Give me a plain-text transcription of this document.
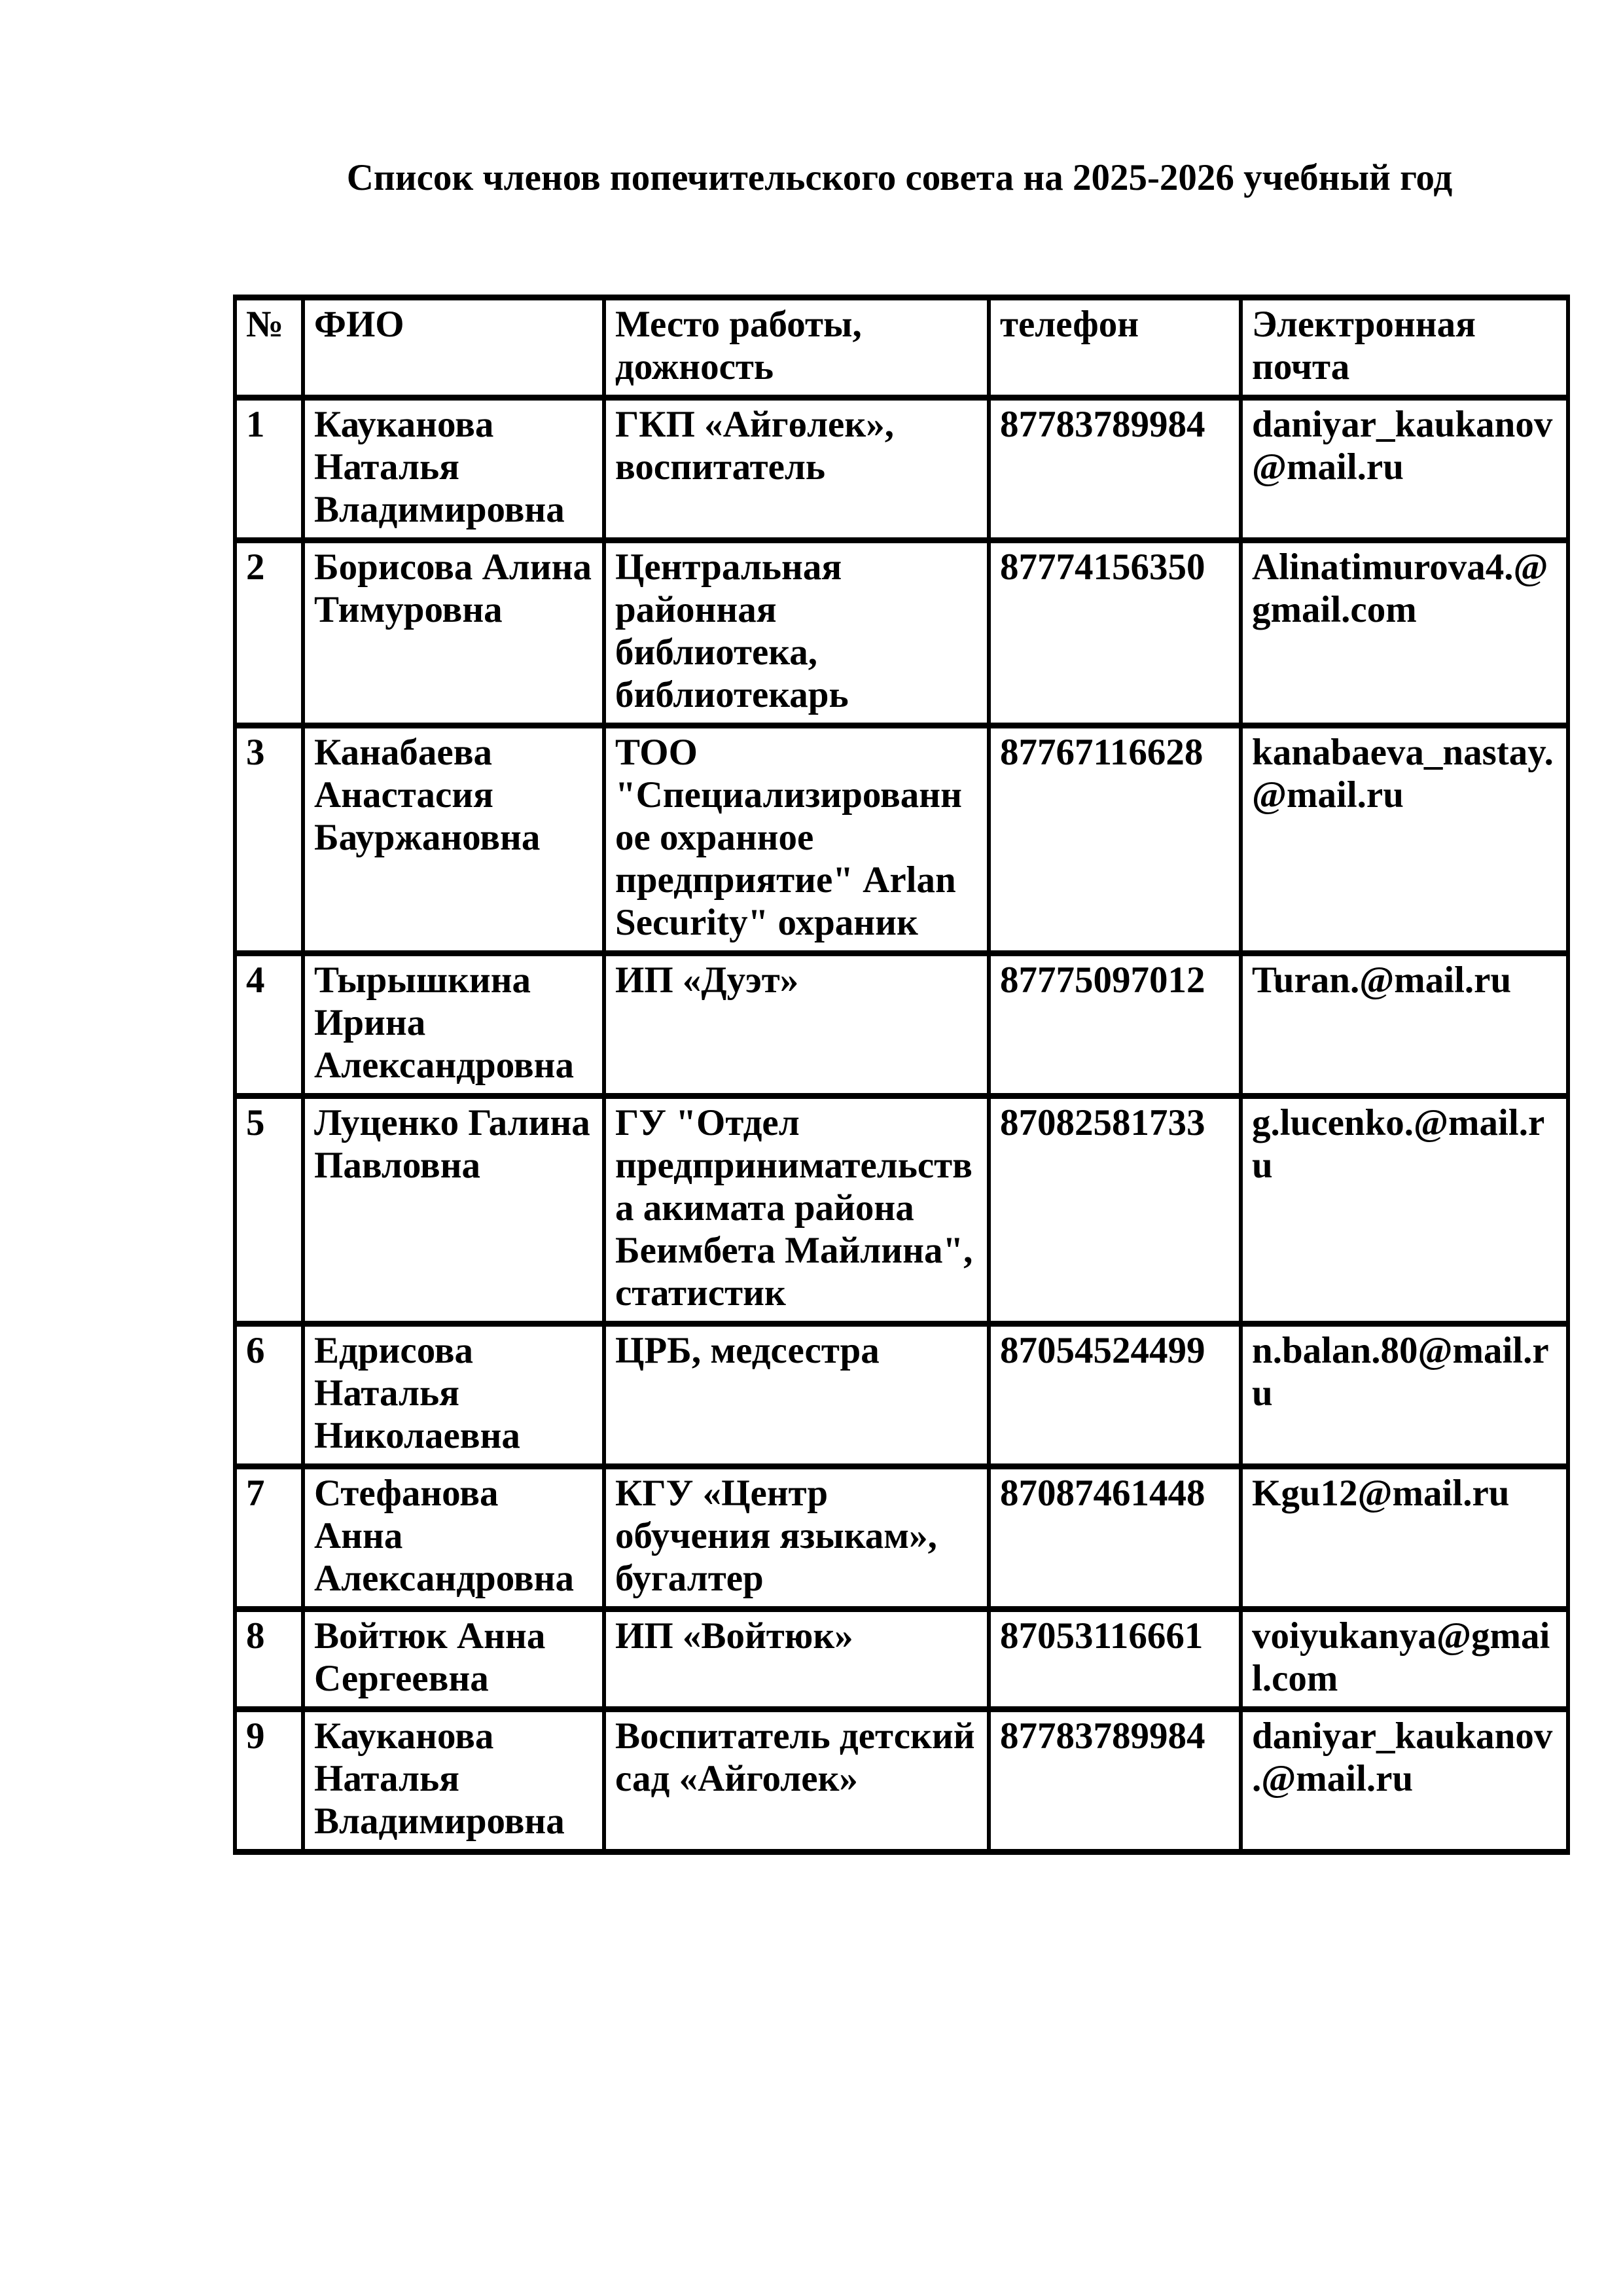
Список членов попечительского совета на 2025-2026 учебный год
№	ФИО	Место работы, дожность	телефон	Электронная почта
1	Кауканова Наталья Владимировна	ГКП «Айгөлек», воспитатель	87783789984	daniyar_kaukanov@mail.ru
2	Борисова Алина Тимуровна	Центральная районная библиотека, библиотекарь	87774156350	Alinatimurova4.@gmail.com
3	Канабаева Анастасия Бауржановна	ТОО "Специализированное охранное предприятие" Arlan Security" охраник	87767116628	kanabaeva_nastay.@mail.ru
4	Тырышкина Ирина Александровна	ИП «Дуэт»	87775097012	Turan.@mail.ru
5	Луценко Галина Павловна	ГУ "Отдел предпринимательства акимата района Беимбета Майлина", статистик	87082581733	g.lucenko.@mail.ru
6	Едрисова Наталья Николаевна	ЦРБ, медсестра	87054524499	n.balan.80@mail.ru
7	Стефанова Анна Александровна	КГУ «Центр обучения языкам», бугалтер	87087461448	Kgu12@mail.ru
8	Войтюк Анна Сергеевна	ИП «Войтюк»	87053116661	voiyukanya@gmail.com
9	Кауканова Наталья Владимировна	Воспитатель детский сад «Айголек»	87783789984	daniyar_kaukanov.@mail.ru
